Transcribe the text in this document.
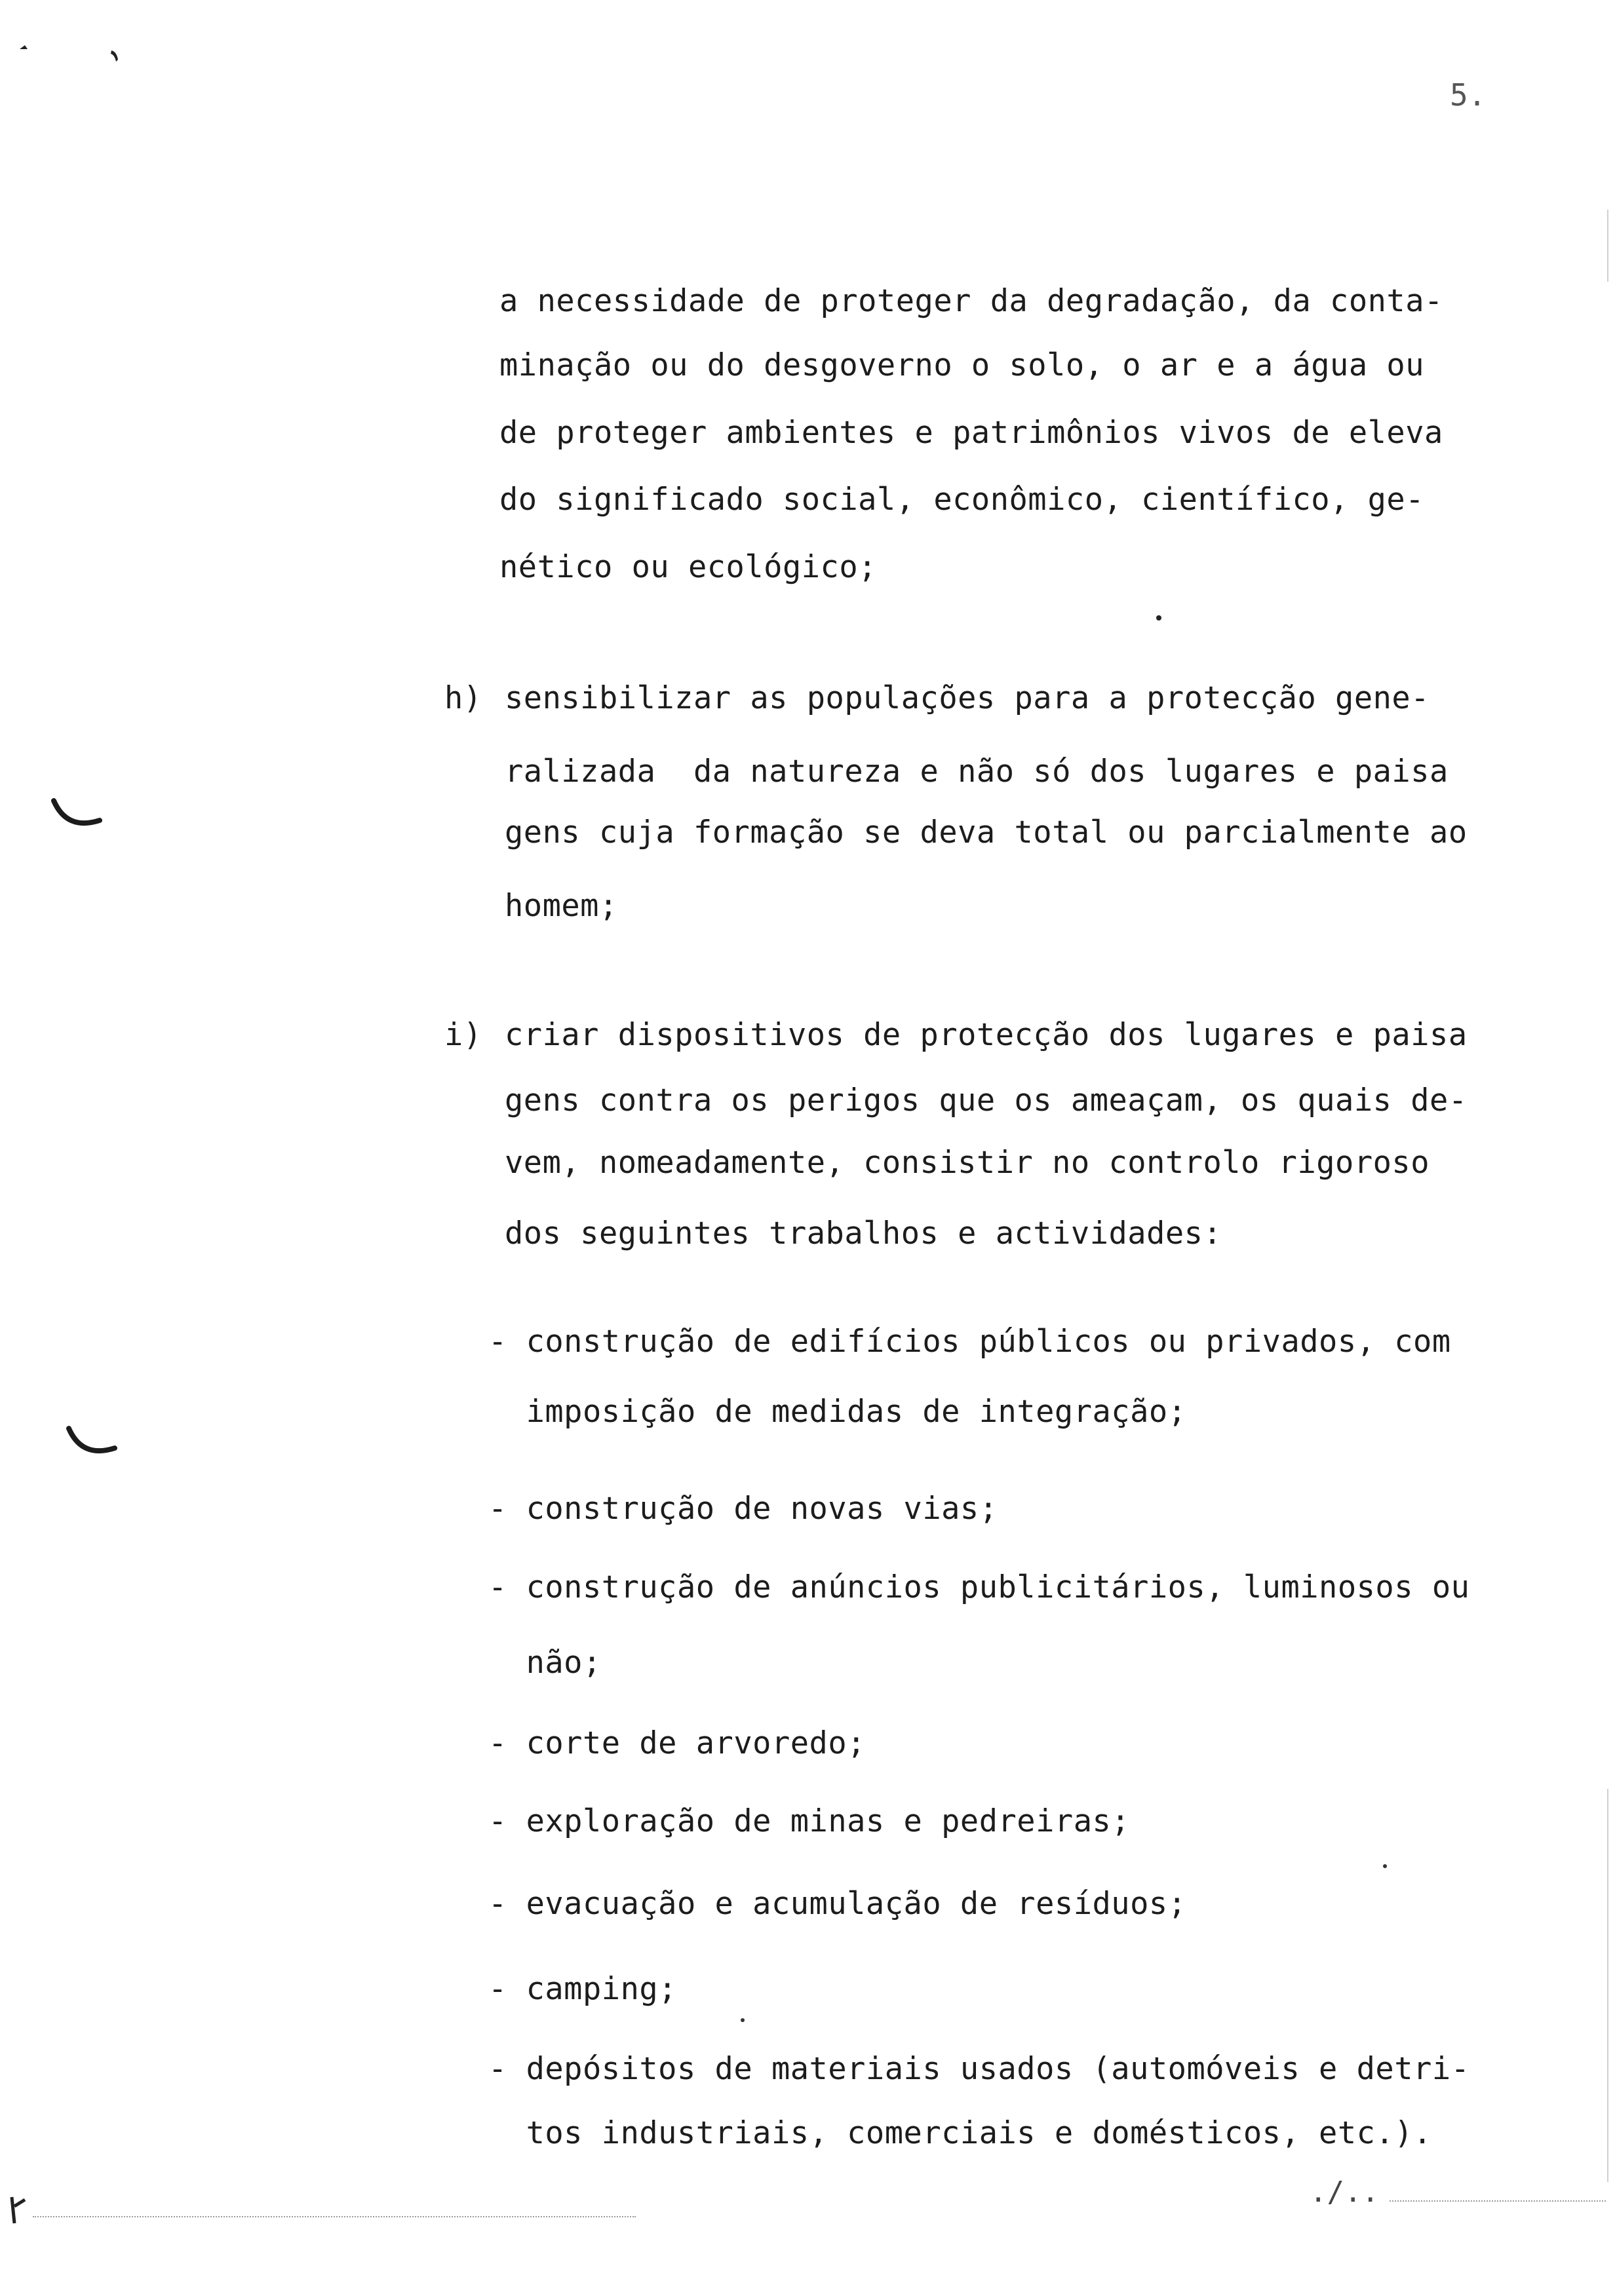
5.
a necessidade de proteger da degradação, da conta-
minação ou do desgoverno o solo, o ar e a água ou
de proteger ambientes e patrimônios vivos de eleva
do significado social, econômico, científico, ge-
nético ou ecológico;
h) sensibilizar as populações para a protecção gene-
ralizada  da natureza e não só dos lugares e paisa
gens cuja formação se deva total ou parcialmente ao
homem;
i) criar dispositivos de protecção dos lugares e paisa
gens contra os perigos que os ameaçam, os quais de-
vem, nomeadamente, consistir no controlo rigoroso
dos seguintes trabalhos e actividades:
- construção de edifícios públicos ou privados, com
imposição de medidas de integração;
- construção de novas vias;
- construção de anúncios publicitários, luminosos ou
não;
- corte de arvoredo;
- exploração de minas e pedreiras;
- evacuação e acumulação de resíduos;
- camping;
- depósitos de materiais usados (automóveis e detri-
tos industriais, comerciais e domésticos, etc.).
./..
